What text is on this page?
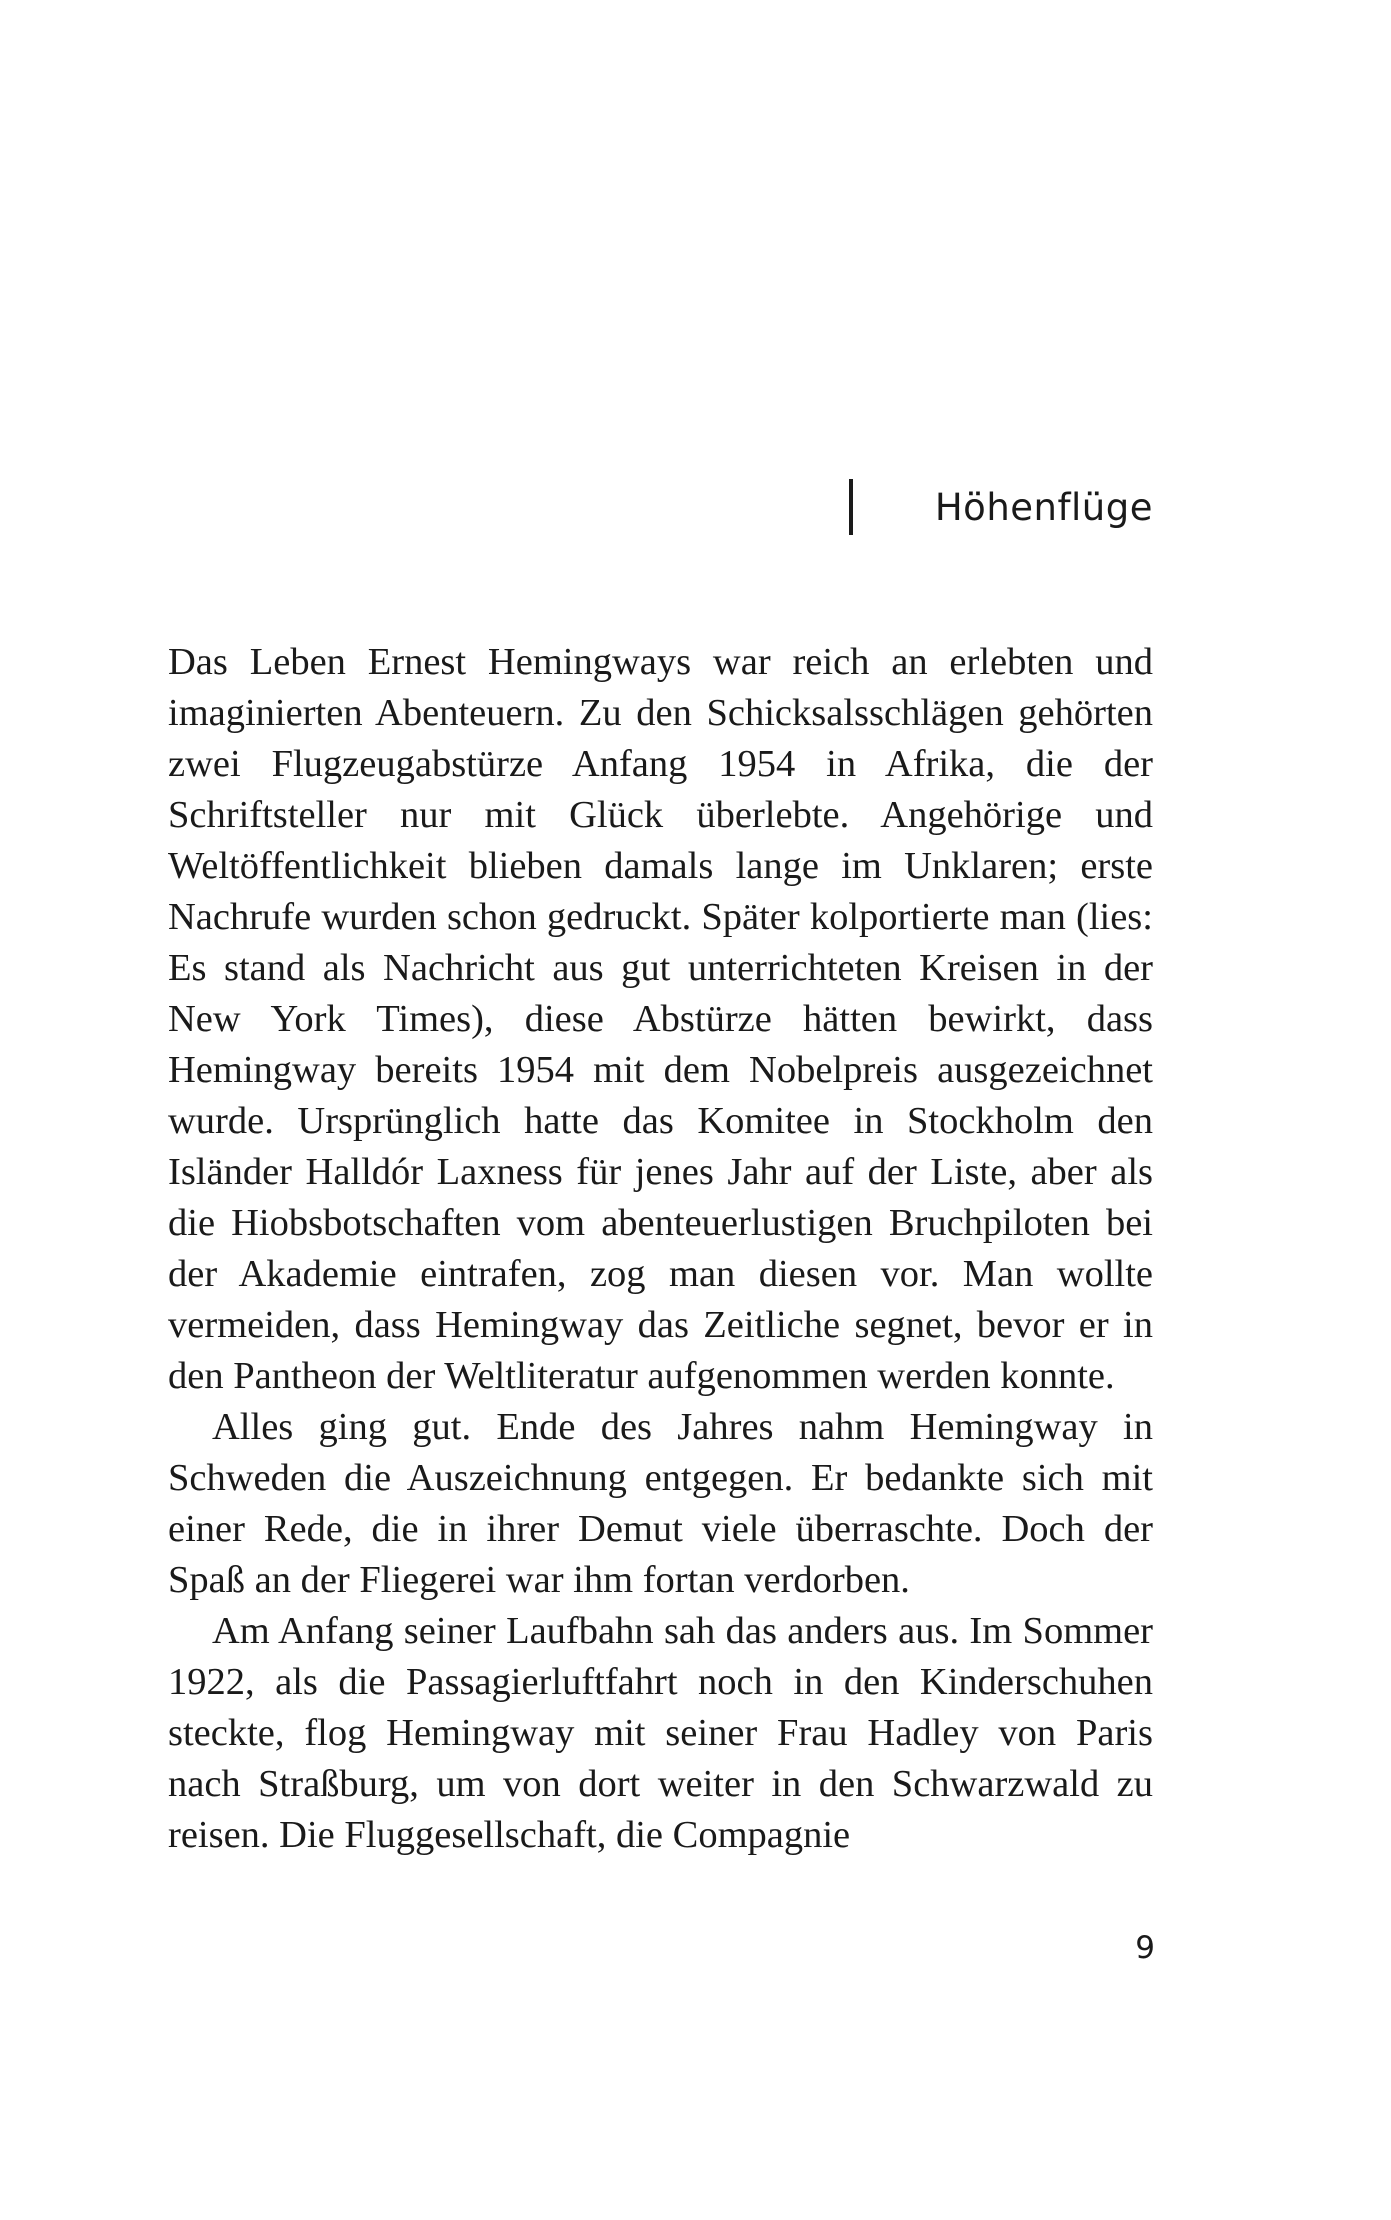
Höhenflüge

Das Leben Ernest Hemingways war reich an erlebten und imaginierten Abenteuern. Zu den Schicksalsschlägen gehörten zwei Flugzeugabstürze Anfang 1954 in Afrika, die der Schriftsteller nur mit Glück überlebte. Angehörige und Weltöffentlichkeit blieben damals lange im Unklaren; erste Nachrufe wurden schon gedruckt. Später kolportierte man (lies: Es stand als Nachricht aus gut unterrichteten Kreisen in der New York Times), diese Abstürze hätten bewirkt, dass Hemingway bereits 1954 mit dem Nobelpreis ausgezeichnet wurde. Ursprünglich hatte das Komitee in Stockholm den Isländer Halldór Laxness für jenes Jahr auf der Liste, aber als die Hiobsbotschaften vom abenteuerlustigen Bruchpiloten bei der Akademie eintrafen, zog man diesen vor. Man wollte vermeiden, dass Hemingway das Zeitliche segnet, bevor er in den Pantheon der Weltliteratur aufgenommen werden konnte.

Alles ging gut. Ende des Jahres nahm Hemingway in Schweden die Auszeichnung entgegen. Er bedankte sich mit einer Rede, die in ihrer Demut viele überraschte. Doch der Spaß an der Fliegerei war ihm fortan verdorben.

Am Anfang seiner Laufbahn sah das anders aus. Im Sommer 1922, als die Passagierluftfahrt noch in den Kinderschuhen steckte, flog Hemingway mit seiner Frau Hadley von Paris nach Straßburg, um von dort weiter in den Schwarzwald zu reisen. Die Fluggesellschaft, die Compagnie

9
